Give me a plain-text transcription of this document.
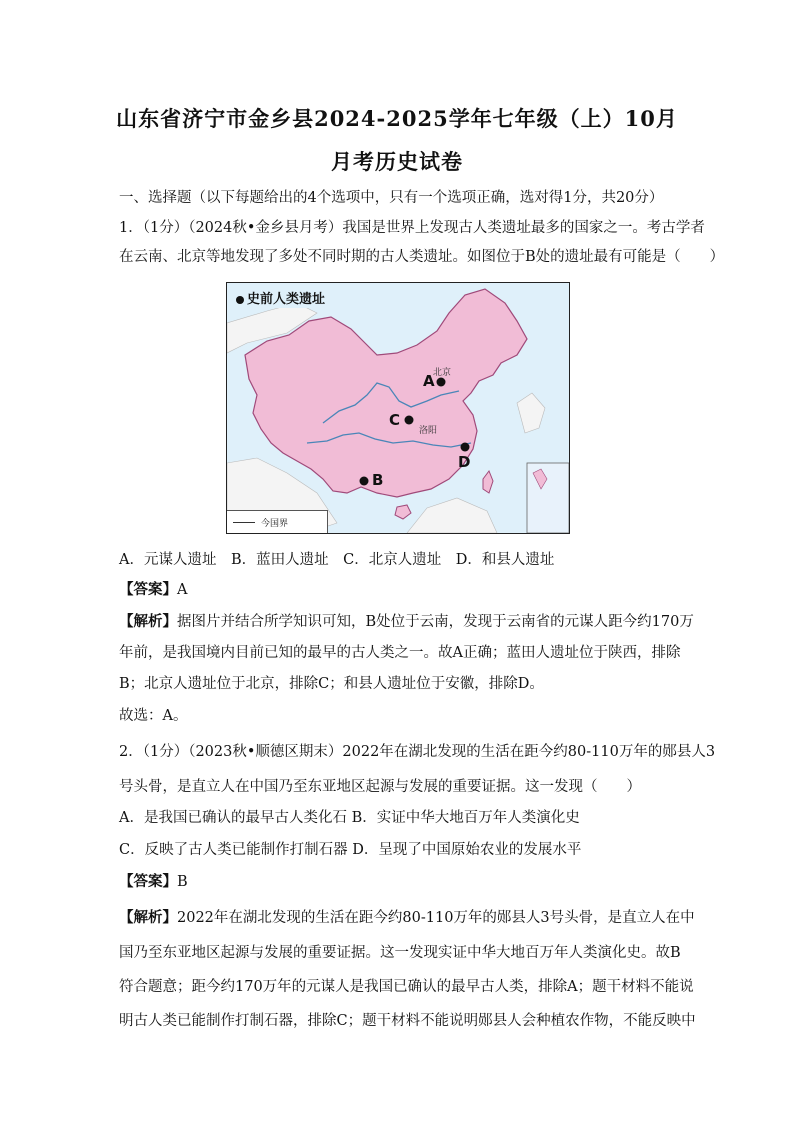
山东省济宁市金乡县2024-2025学年七年级（上）10月
月考历史试卷
一、选择题（以下每题给出的4个选项中，只有一个选项正确，选对得1分，共20分）
1．（1分）（2024秋•金乡县月考）我国是世界上发现古人类遗址最多的国家之一。考古学者
在云南、北京等地发现了多处不同时期的古人类遗址。如图位于B处的遗址最有可能是（　　）
史前人类遗址
A
B
C
D
北京
洛阳
今国界
A．元谋人遗址　B．蓝田人遗址　C．北京人遗址　D．和县人遗址
【答案】A
【解析】据图片并结合所学知识可知，B处位于云南，发现于云南省的元谋人距今约170万
年前，是我国境内目前已知的最早的古人类之一。故A正确；蓝田人遗址位于陕西，排除
B；北京人遗址位于北京，排除C；和县人遗址位于安徽，排除D。
故选：A。
2．（1分）（2023秋•顺德区期末）2022年在湖北发现的生活在距今约80-110万年的郧县人3
号头骨，是直立人在中国乃至东亚地区起源与发展的重要证据。这一发现（　　）
A．是我国已确认的最早古人类化石 B．实证中华大地百万年人类演化史
C．反映了古人类已能制作打制石器 D．呈现了中国原始农业的发展水平
【答案】B
【解析】2022年在湖北发现的生活在距今约80-110万年的郧县人3号头骨，是直立人在中
国乃至东亚地区起源与发展的重要证据。这一发现实证中华大地百万年人类演化史。故B
符合题意；距今约170万年的元谋人是我国已确认的最早古人类，排除A；题干材料不能说
明古人类已能制作打制石器，排除C；题干材料不能说明郧县人会种植农作物，不能反映中
